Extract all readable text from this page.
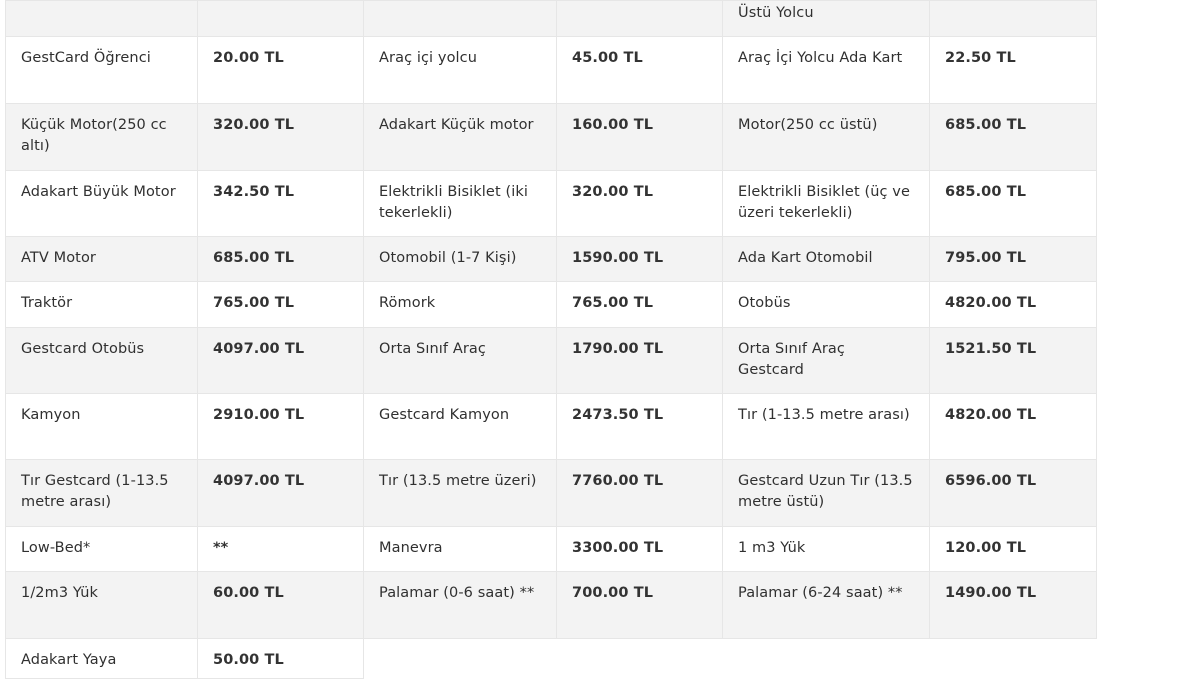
				Üstü Yolcu	
GestCard Öğrenci	20.00 TL	Araç içi yolcu	45.00 TL	Araç İçi Yolcu Ada Kart	22.50 TL
Küçük Motor(250 cc altı)	320.00 TL	Adakart Küçük motor	160.00 TL	Motor(250 cc üstü)	685.00 TL
Adakart Büyük Motor	342.50 TL	Elektrikli Bisiklet (iki tekerlekli)	320.00 TL	Elektrikli Bisiklet (üç ve üzeri tekerlekli)	685.00 TL
ATV Motor	685.00 TL	Otomobil (1-7 Kişi)	1590.00 TL	Ada Kart Otomobil	795.00 TL
Traktör	765.00 TL	Römork	765.00 TL	Otobüs	4820.00 TL
Gestcard Otobüs	4097.00 TL	Orta Sınıf Araç	1790.00 TL	Orta Sınıf Araç Gestcard	1521.50 TL
Kamyon	2910.00 TL	Gestcard Kamyon	2473.50 TL	Tır (1-13.5 metre arası)	4820.00 TL
Tır Gestcard (1-13.5 metre arası)	4097.00 TL	Tır (13.5 metre üzeri)	7760.00 TL	Gestcard Uzun Tır (13.5 metre üstü)	6596.00 TL
Low-Bed*	**	Manevra	3300.00 TL	1 m3 Yük	120.00 TL
1/2m3 Yük	60.00 TL	Palamar (0-6 saat) **	700.00 TL	Palamar (6-24 saat) **	1490.00 TL
Adakart Yaya	50.00 TL				
